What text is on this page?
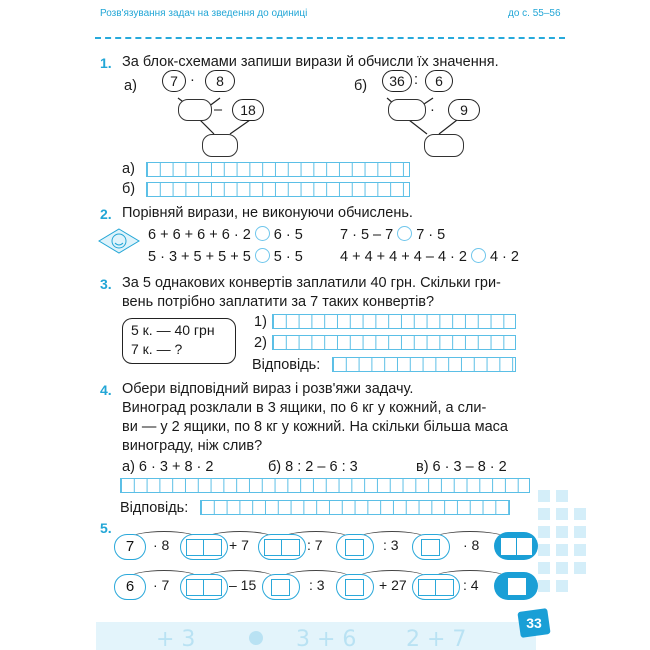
Розв'язування задач на зведення до одиниці	до с. 55–56
1. За блок-схемами запиши вирази й обчисли їх значення.
а)	7 ·	8
–	18
б)	36 :	6
·	9
а)
б)
2. Порівняй вирази, не виконуючи обчислень.
6 + 6 + 6 + 6 · 2 6 · 5	7 · 5 – 7 7 · 5
5 · 3 + 5 + 5 + 5 5 · 5	4 + 4 + 4 + 4 – 4 · 2 4 · 2
3. За 5 однакових конвертів заплатили 40 грн. Скільки гри-
вень потрібно заплатити за 7 таких конвертів?
5 к. — 40 грн
7 к. — ?
1)
2)
Відповідь:
4. Обери відповідний вираз і розв'яжи задачу.
Виноград розклали в 3 ящики, по 6 кг у кожний, а сли-
ви — у 2 ящики, по 8 кг у кожний. На скільки більша маса
винограду, ніж слив?
а) 6 · 3 + 8 · 2	б) 8 : 2 – 6 : 3	в) 6 · 3 – 8 · 2
Відповідь:
5.
· 8	+ 7	: 7	: 3	· 8
7
· 7	– 15	: 3	+ 27	: 4
6
+ 3	3 + 6 2 + 7
33
